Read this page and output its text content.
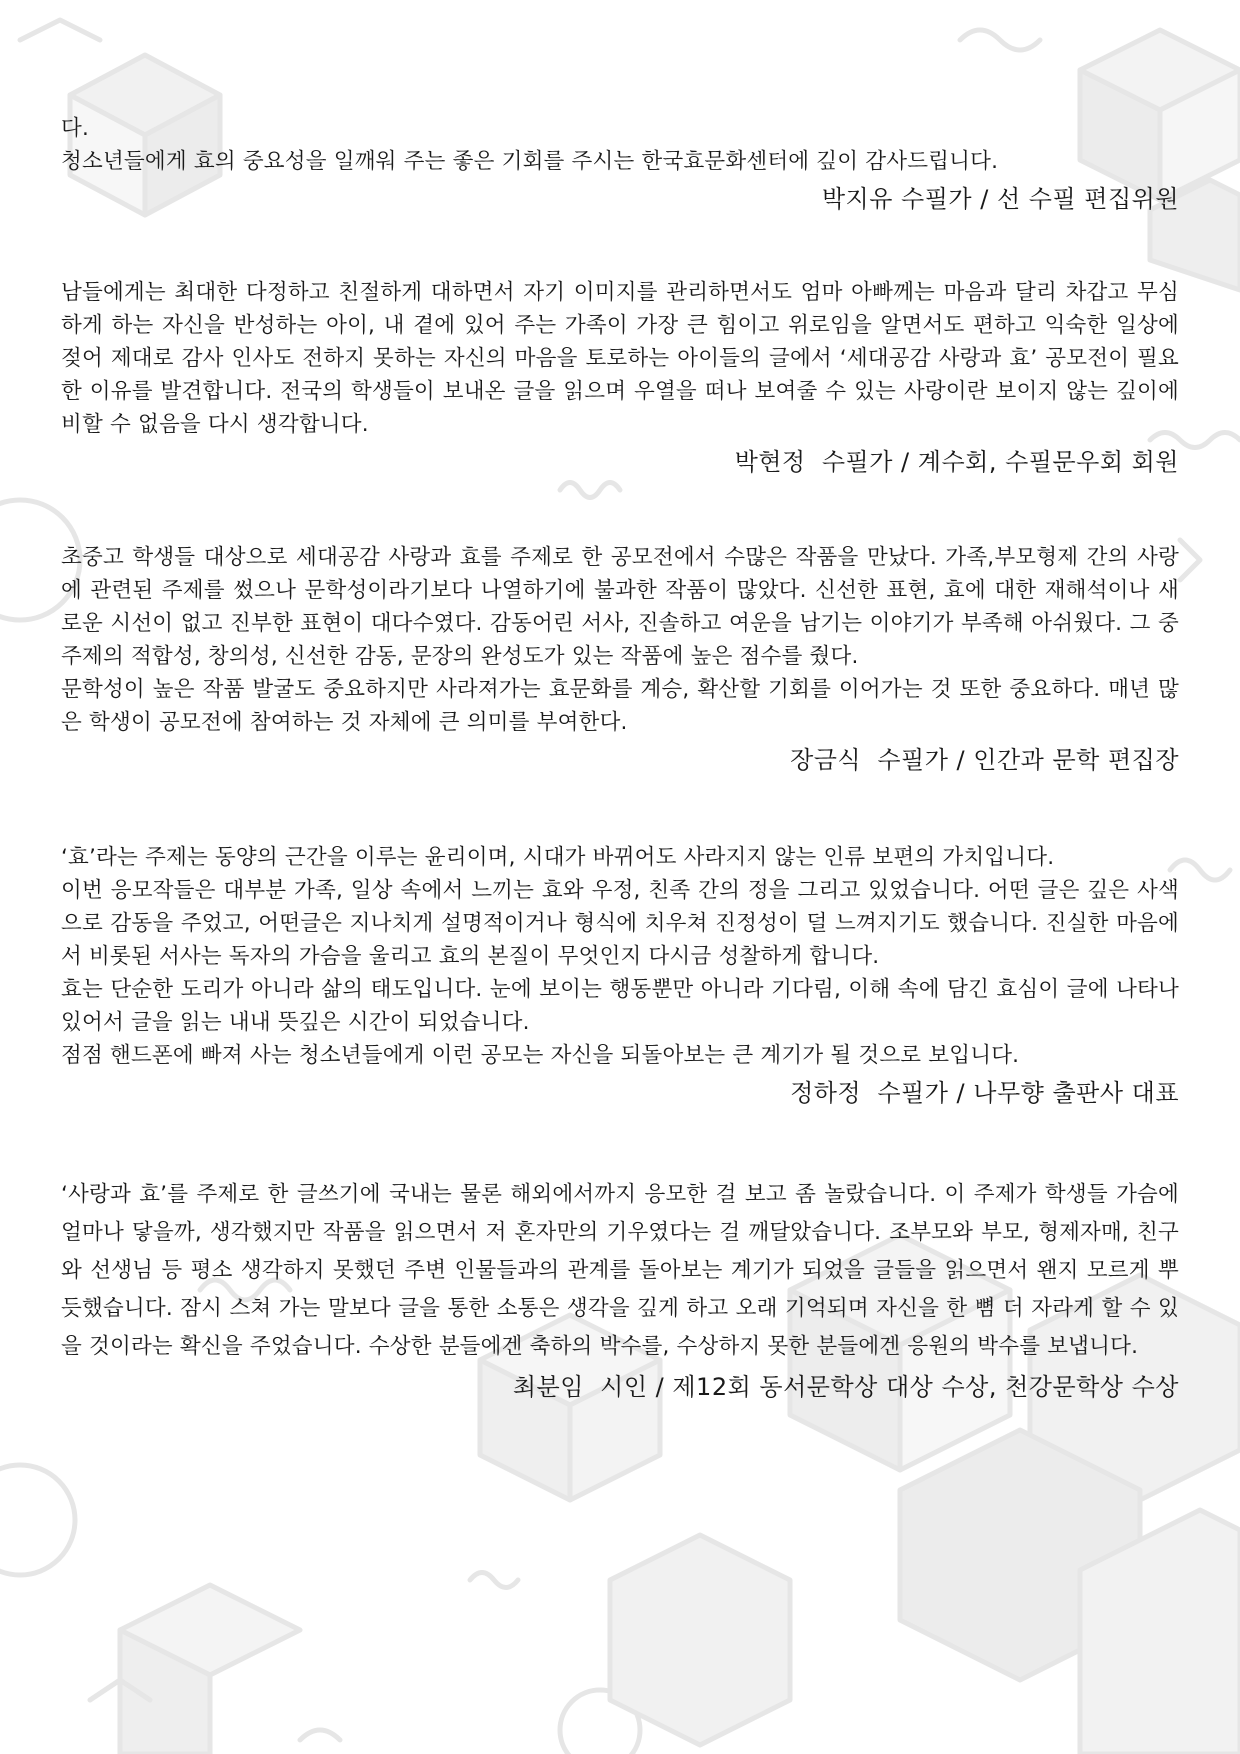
다.

청소년들에게 효의 중요성을 일깨워 주는 좋은 기회를 주시는 한국효문화센터에 깊이 감사드립니다.

박지유 수필가 / 선 수필 편집위원

남들에게는 최대한 다정하고 친절하게 대하면서 자기 이미지를 관리하면서도 엄마 아빠께는 마음과 달리 차갑고 무심하게 하는 자신을 반성하는 아이, 내 곁에 있어 주는 가족이 가장 큰 힘이고 위로임을 알면서도 편하고 익숙한 일상에 젖어 제대로 감사 인사도 전하지 못하는 자신의 마음을 토로하는 아이들의 글에서 ‘세대공감 사랑과 효’ 공모전이 필요한 이유를 발견합니다. 전국의 학생들이 보내온 글을 읽으며 우열을 떠나 보여줄 수 있는 사랑이란 보이지 않는 깊이에 비할 수 없음을 다시 생각합니다.

박현정  수필가 / 계수회, 수필문우회 회원

초중고 학생들 대상으로 세대공감 사랑과 효를 주제로 한 공모전에서 수많은 작품을 만났다. 가족,부모형제 간의 사랑에 관련된 주제를 썼으나 문학성이라기보다 나열하기에 불과한 작품이 많았다. 신선한 표현, 효에 대한 재해석이나 새로운 시선이 없고 진부한 표현이 대다수였다. 감동어린 서사, 진솔하고 여운을 남기는 이야기가 부족해 아쉬웠다. 그 중 주제의 적합성, 창의성, 신선한 감동, 문장의 완성도가 있는 작품에 높은 점수를 줬다.

문학성이 높은 작품 발굴도 중요하지만 사라져가는 효문화를 계승, 확산할 기회를 이어가는 것 또한 중요하다. 매년 많은 학생이 공모전에 참여하는 것 자체에 큰 의미를 부여한다.

장금식  수필가 / 인간과 문학 편집장

‘효’라는 주제는 동양의 근간을 이루는 윤리이며, 시대가 바뀌어도 사라지지 않는 인류 보편의 가치입니다.

이번 응모작들은 대부분 가족, 일상 속에서 느끼는 효와 우정, 친족 간의 정을 그리고 있었습니다. 어떤 글은 깊은 사색으로 감동을 주었고, 어떤글은 지나치게 설명적이거나 형식에 치우쳐 진정성이 덜 느껴지기도 했습니다. 진실한 마음에서 비롯된 서사는 독자의 가슴을 울리고 효의 본질이 무엇인지 다시금 성찰하게 합니다.

효는 단순한 도리가 아니라 삶의 태도입니다. 눈에 보이는 행동뿐만 아니라 기다림, 이해 속에 담긴 효심이 글에 나타나 있어서 글을 읽는 내내 뜻깊은 시간이 되었습니다.

점점 핸드폰에 빠져 사는 청소년들에게 이런 공모는 자신을 되돌아보는 큰 계기가 될 것으로 보입니다.

정하정  수필가 / 나무향 출판사 대표

‘사랑과 효’를 주제로 한 글쓰기에 국내는 물론 해외에서까지 응모한 걸 보고 좀 놀랐습니다. 이 주제가 학생들 가슴에 얼마나 닿을까, 생각했지만 작품을 읽으면서 저 혼자만의 기우였다는 걸 깨달았습니다. 조부모와 부모, 형제자매, 친구와 선생님 등 평소 생각하지 못했던 주변 인물들과의 관계를 돌아보는 계기가 되었을 글들을 읽으면서 왠지 모르게 뿌듯했습니다. 잠시 스쳐 가는 말보다 글을 통한 소통은 생각을 깊게 하고 오래 기억되며 자신을 한 뼘 더 자라게 할 수 있을 것이라는 확신을 주었습니다. 수상한 분들에겐 축하의 박수를, 수상하지 못한 분들에겐 응원의 박수를 보냅니다.

최분임  시인 / 제12회 동서문학상 대상 수상, 천강문학상 수상
